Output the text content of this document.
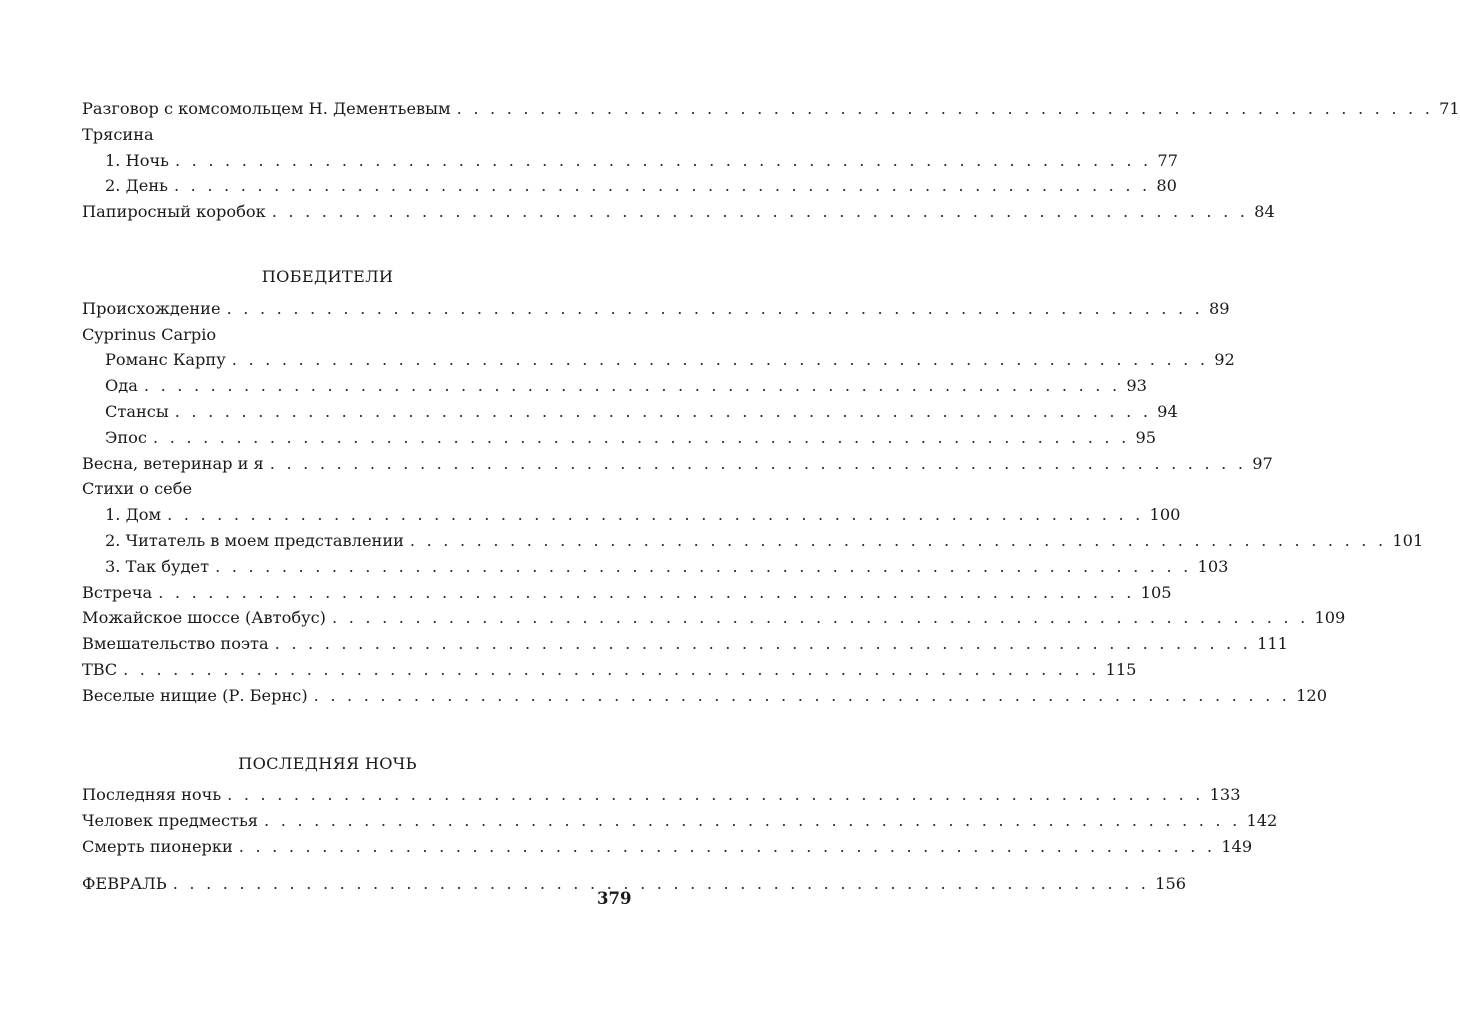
Разговор с комсомольцем Н. Дементьевым . . . . . . . . . . . . . . . . . . . . . . . . . . . . . . . . . . . . . . . . . . . . . . . . . . . . . . . . . . . 71
Трясина
1. Ночь . . . . . . . . . . . . . . . . . . . . . . . . . . . . . . . . . . . . . . . . . . . . . . . . . . . . . . . . . . . 77
2. День . . . . . . . . . . . . . . . . . . . . . . . . . . . . . . . . . . . . . . . . . . . . . . . . . . . . . . . . . . . 80
Папиросный коробок . . . . . . . . . . . . . . . . . . . . . . . . . . . . . . . . . . . . . . . . . . . . . . . . . . . . . . . . . . . 84
ПОБЕДИТЕЛИ
Происхождение . . . . . . . . . . . . . . . . . . . . . . . . . . . . . . . . . . . . . . . . . . . . . . . . . . . . . . . . . . . 89
Cyprinus Carpio
Романс Карпу . . . . . . . . . . . . . . . . . . . . . . . . . . . . . . . . . . . . . . . . . . . . . . . . . . . . . . . . . . . 92
Ода . . . . . . . . . . . . . . . . . . . . . . . . . . . . . . . . . . . . . . . . . . . . . . . . . . . . . . . . . . . 93
Стансы . . . . . . . . . . . . . . . . . . . . . . . . . . . . . . . . . . . . . . . . . . . . . . . . . . . . . . . . . . . 94
Эпос . . . . . . . . . . . . . . . . . . . . . . . . . . . . . . . . . . . . . . . . . . . . . . . . . . . . . . . . . . . 95
Весна, ветеринар и я . . . . . . . . . . . . . . . . . . . . . . . . . . . . . . . . . . . . . . . . . . . . . . . . . . . . . . . . . . . 97
Стихи о себе
1. Дом . . . . . . . . . . . . . . . . . . . . . . . . . . . . . . . . . . . . . . . . . . . . . . . . . . . . . . . . . . . 100
2. Читатель в моем представлении . . . . . . . . . . . . . . . . . . . . . . . . . . . . . . . . . . . . . . . . . . . . . . . . . . . . . . . . . . . 101
3. Так будет . . . . . . . . . . . . . . . . . . . . . . . . . . . . . . . . . . . . . . . . . . . . . . . . . . . . . . . . . . . 103
Встреча . . . . . . . . . . . . . . . . . . . . . . . . . . . . . . . . . . . . . . . . . . . . . . . . . . . . . . . . . . . 105
Можайское шоссе (Автобус) . . . . . . . . . . . . . . . . . . . . . . . . . . . . . . . . . . . . . . . . . . . . . . . . . . . . . . . . . . . 109
Вмешательство поэта . . . . . . . . . . . . . . . . . . . . . . . . . . . . . . . . . . . . . . . . . . . . . . . . . . . . . . . . . . . 111
ТВС . . . . . . . . . . . . . . . . . . . . . . . . . . . . . . . . . . . . . . . . . . . . . . . . . . . . . . . . . . . 115
Веселые нищие (Р. Бернс) . . . . . . . . . . . . . . . . . . . . . . . . . . . . . . . . . . . . . . . . . . . . . . . . . . . . . . . . . . . 120
ПОСЛЕДНЯЯ НОЧЬ
Последняя ночь . . . . . . . . . . . . . . . . . . . . . . . . . . . . . . . . . . . . . . . . . . . . . . . . . . . . . . . . . . . 133
Человек предместья . . . . . . . . . . . . . . . . . . . . . . . . . . . . . . . . . . . . . . . . . . . . . . . . . . . . . . . . . . . 142
Смерть пионерки . . . . . . . . . . . . . . . . . . . . . . . . . . . . . . . . . . . . . . . . . . . . . . . . . . . . . . . . . . . 149
ФЕВРАЛЬ . . . . . . . . . . . . . . . . . . . . . . . . . . . . . . . . . . . . . . . . . . . . . . . . . . . . . . . . . . . 156
379
